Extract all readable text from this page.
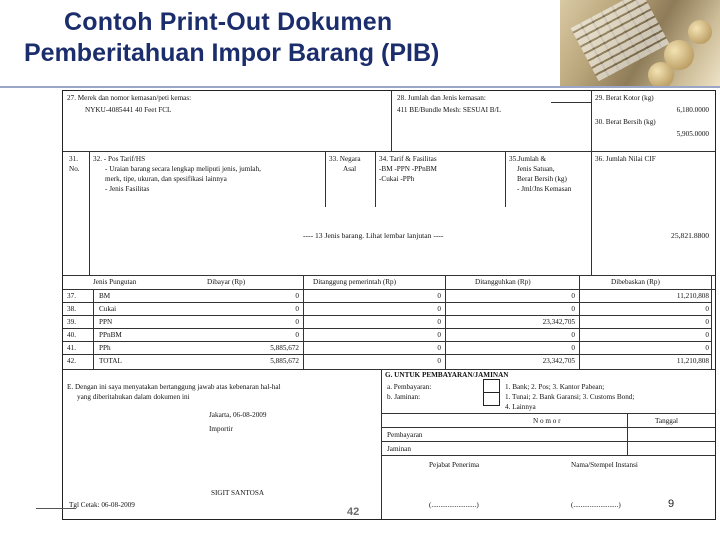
Contoh Print-Out Dokumen
Pemberitahuan Impor Barang (PIB)
27. Merek dan nomor kemasan/peti kemas:
NYKU-4085441 40 Feet FCL
28. Jumlah dan Jenis kemasan:
411 BE/Bundle Mesh: SESUAI B/L
29. Berat Kotor (kg)
6,180.0000
30. Berat Bersih (kg)
5,905.0000
31.
No.
32. - Pos Tarif/HS
- Uraian barang secara lengkap meliputi jenis, jumlah,
merk, tipe, ukuran, dan spesifikasi lainnya
- Jenis Fasilitas
33. Negara
Asal
34. Tarif & Fasilitas
-BM -PPN -PPnBM
-Cukai -PPh
35.Jumlah &
Jenis Satuan,
Berat Bersih (kg)
- Jml/Jns Kemasan
36. Jumlah Nilai CIF
---- 13 Jenis barang. Lihat lembar lanjutan ----	25,821.8800
Jenis Pungutan	Dibayar (Rp)	Ditanggung pemerintah (Rp)	Ditangguhkan (Rp)	Dibebaskan (Rp)
37.	BM	0	0	0	11,210,808
38.	Cukai	0	0	0	0
39.	PPN	0	0	23,342,705	0
40.	PPnBM	0	0	0	0
41.	PPh	5,885,672	0	0	0
42.	TOTAL	5,885,672	0	23,342,705	11,210,808
E. Dengan ini saya menyatakan bertanggung jawab atas kebenaran hal-hal
yang diberitahukan dalam dokumen ini
Jakarta, 06-08-2009
Importir
SIGIT SANTOSA
Tgl Cetak: 06-08-2009
G. UNTUK PEMBAYARAN/JAMINAN
a. Pembayaran:
b. Jaminan:
1. Bank; 2. Pos; 3. Kantor Pabean;
1. Tunai; 2. Bank Garansi; 3. Customs Bond;
4. Lainnya
N o m o r	Tanggal
Pembayaran
Jaminan
Pejabat Penerima	Nama/Stempel Instansi
(.........................)	(.........................)
42
9
